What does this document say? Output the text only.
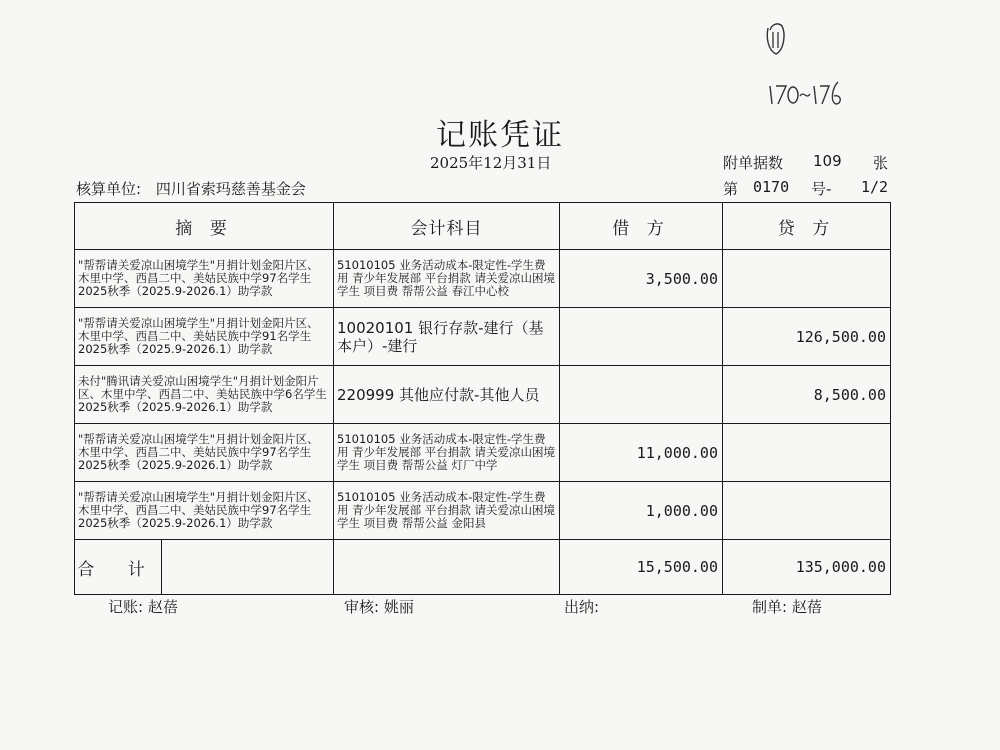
记账凭证
2025年12月31日	附单据数 109 张
核算单位: 四川省索玛慈善基金会	第 0170 号- 1/2
摘 要	会计科目	借 方	贷 方
"帮帮请关爱凉山困境学生"月捐计划金阳片区、木里中学、西昌二中、美姑民族中学97名学生2025秋季（2025.9-2026.1）助学款	51010105 业务活动成本-限定性-学生费用 青少年发展部 平台捐款 请关爱凉山困境学生 项目费 帮帮公益 春江中心校	3,500.00	
"帮帮请关爱凉山困境学生"月捐计划金阳片区、木里中学、西昌二中、美姑民族中学91名学生2025秋季（2025.9-2026.1）助学款	10020101 银行存款-建行（基本户）-建行		126,500.00
未付"腾讯请关爱凉山困境学生"月捐计划金阳片区、木里中学、西昌二中、美姑民族中学6名学生2025秋季（2025.9-2026.1）助学款	220999 其他应付款-其他人员		8,500.00
"帮帮请关爱凉山困境学生"月捐计划金阳片区、木里中学、西昌二中、美姑民族中学97名学生2025秋季（2025.9-2026.1）助学款	51010105 业务活动成本-限定性-学生费用 青少年发展部 平台捐款 请关爱凉山困境学生 项目费 帮帮公益 灯厂中学	11,000.00	
"帮帮请关爱凉山困境学生"月捐计划金阳片区、木里中学、西昌二中、美姑民族中学97名学生2025秋季（2025.9-2026.1）助学款	51010105 业务活动成本-限定性-学生费用 青少年发展部 平台捐款 请关爱凉山困境学生 项目费 帮帮公益 金阳县	1,000.00	

合 计		15,500.00	135,000.00
记账: 赵蓓	审核: 姚丽	出纳:	制单: 赵蓓
